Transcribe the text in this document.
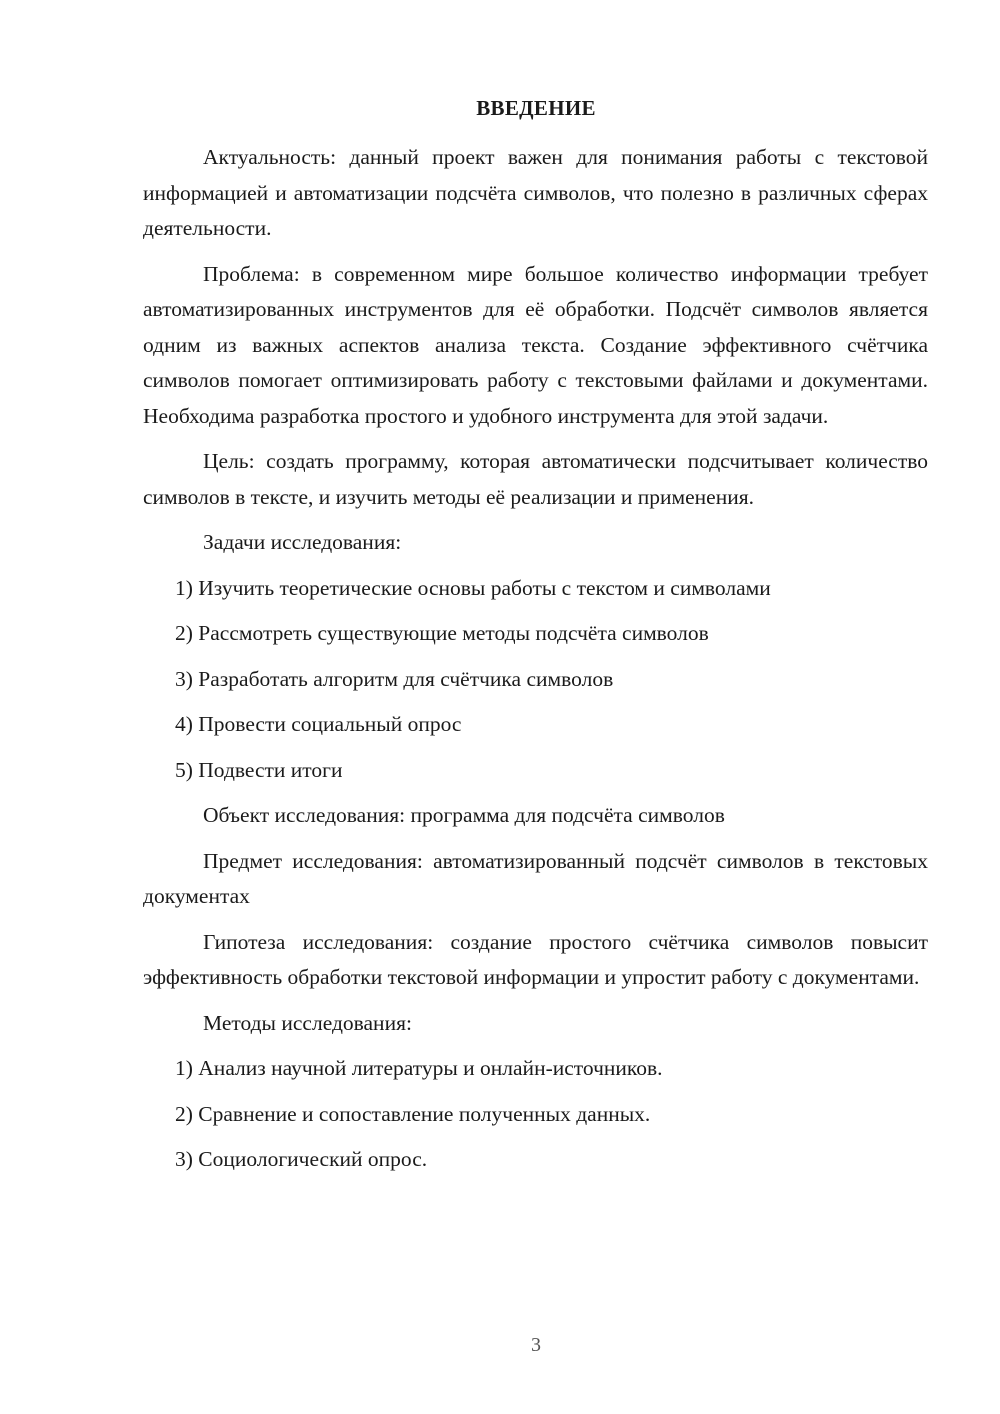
ВВЕДЕНИЕ

Актуальность: данный проект важен для понимания работы с текстовой информацией и автоматизации подсчёта символов, что полезно в различных сферах деятельности.

Проблема: в современном мире большое количество информации требует автоматизированных инструментов для её обработки. Подсчёт символов является одним из важных аспектов анализа текста. Создание эффективного счётчика символов помогает оптимизировать работу с текстовыми файлами и документами. Необходима разработка простого и удобного инструмента для этой задачи.

Цель: создать программу, которая автоматически подсчитывает количество символов в тексте, и изучить методы её реализации и применения.

Задачи исследования:

1) Изучить теоретические основы работы с текстом и символами
2) Рассмотреть существующие методы подсчёта символов
3) Разработать алгоритм для счётчика символов
4) Провести социальный опрос
5) Подвести итоги

Объект исследования: программа для подсчёта символов

Предмет исследования: автоматизированный подсчёт символов в текстовых документах

Гипотеза исследования: создание простого счётчика символов повысит эффективность обработки текстовой информации и упростит работу с документами.

Методы исследования:

1) Анализ научной литературы и онлайн-источников.
2) Сравнение и сопоставление полученных данных.
3) Социологический опрос.
3
